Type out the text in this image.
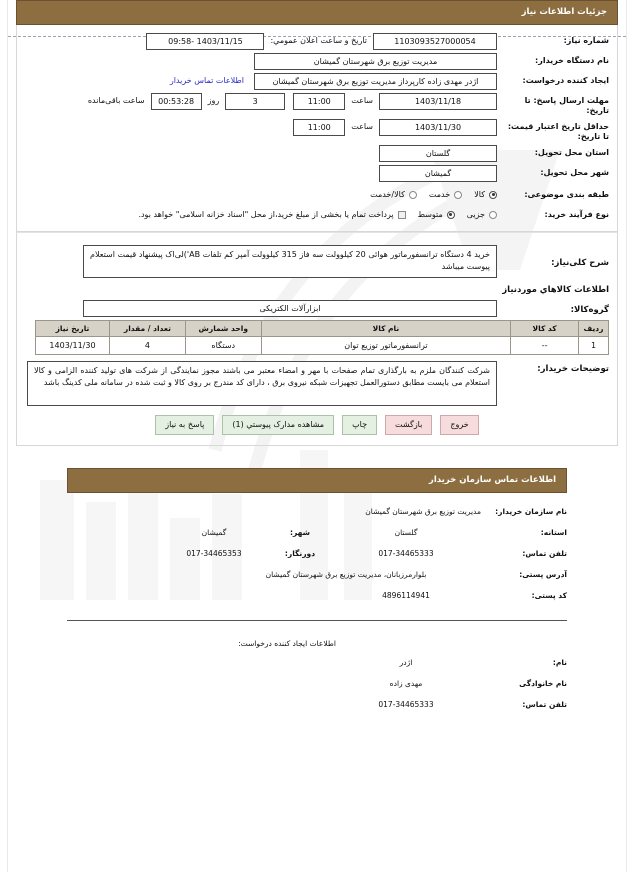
جزئیات اطلاعات نیاز
شماره نیاز:
1103093527000054
تاریخ و ساعت اعلان عمومي:
1403/11/15 -09:58
نام دستگاه خریدار:
مدیریت توزیع برق شهرستان گمیشان
ایجاد کننده درخواست:
اژدر مهدی زاده کارپرداز مدیریت توزیع برق شهرستان گمیشان
اطلاعات تماس خریدار
مهلت ارسال پاسخ: تا تاریخ:
1403/11/18
ساعت
11:00
3
روز
00:53:28
ساعت باقی‌مانده
حداقل تاریخ اعتبار قیمت: تا تاریخ:
1403/11/30
ساعت
11:00
استان محل تحویل:
گلستان
شهر محل تحویل:
گمیشان
طبقه بندی موضوعی:
کالا
خدمت
کالا/خدمت
نوع فرآیند خرید:
جزیی
متوسط
پرداخت تمام یا بخشی از مبلغ خرید،از محل "اسناد خزانه اسلامی" خواهد بود.
شرح کلی‌نیاز:
خرید 4 دستگاه ترانسفورماتور هوائی 20 کیلوولت سه فاز 315 کیلوولت آمپر کم تلفات AB')لی‌اک پیشنهاد قیمت استعلام پیوست میباشد
اطلاعات کالاهاي موردنیاز
گروه‌کالا:
ابزارآلات الکتریکی
ردیف	کد کالا	نام کالا	واحد شمارش	تعداد / مقدار	تاریخ نیاز
1	--	ترانسفورماتور توزیع توان	دستگاه	4	1403/11/30
توضیحات خریدار:
شرکت کنندگان ملزم به بارگذاری تمام صفحات با مهر و امضاء معتبر می باشند مجوز نمایندگی از شرکت های تولید کننده الزامی و کالا استعلام می بایست مطابق دستورالعمل تجهیزات شبکه نیروی برق ، دارای کد مندرج بر روی کالا و ثبت شده در سامانه ملی کدینگ باشد
خروج
بازگشت
چاپ
مشاهده مدارک پیوستي (1)
پاسخ به نیاز
اطلاعات تماس سازمان خریدار
نام سازمان خریدار:
مدیریت توزیع برق شهرستان گمیشان
استانه:
گلستان
شهر:
گمیشان
تلفن تماس:
017-34465333
دورنگار:
017-34465353
آدرس پستی:
بلوارمرزبانان، مدیریت توزیع برق شهرستان گمیشان
کد پستی:
4896114941
اطلاعات ایجاد کننده درخواست:
نام:
اژدر
نام خانوادگی
مهدی زاده
تلفن تماس:
017-34465333
